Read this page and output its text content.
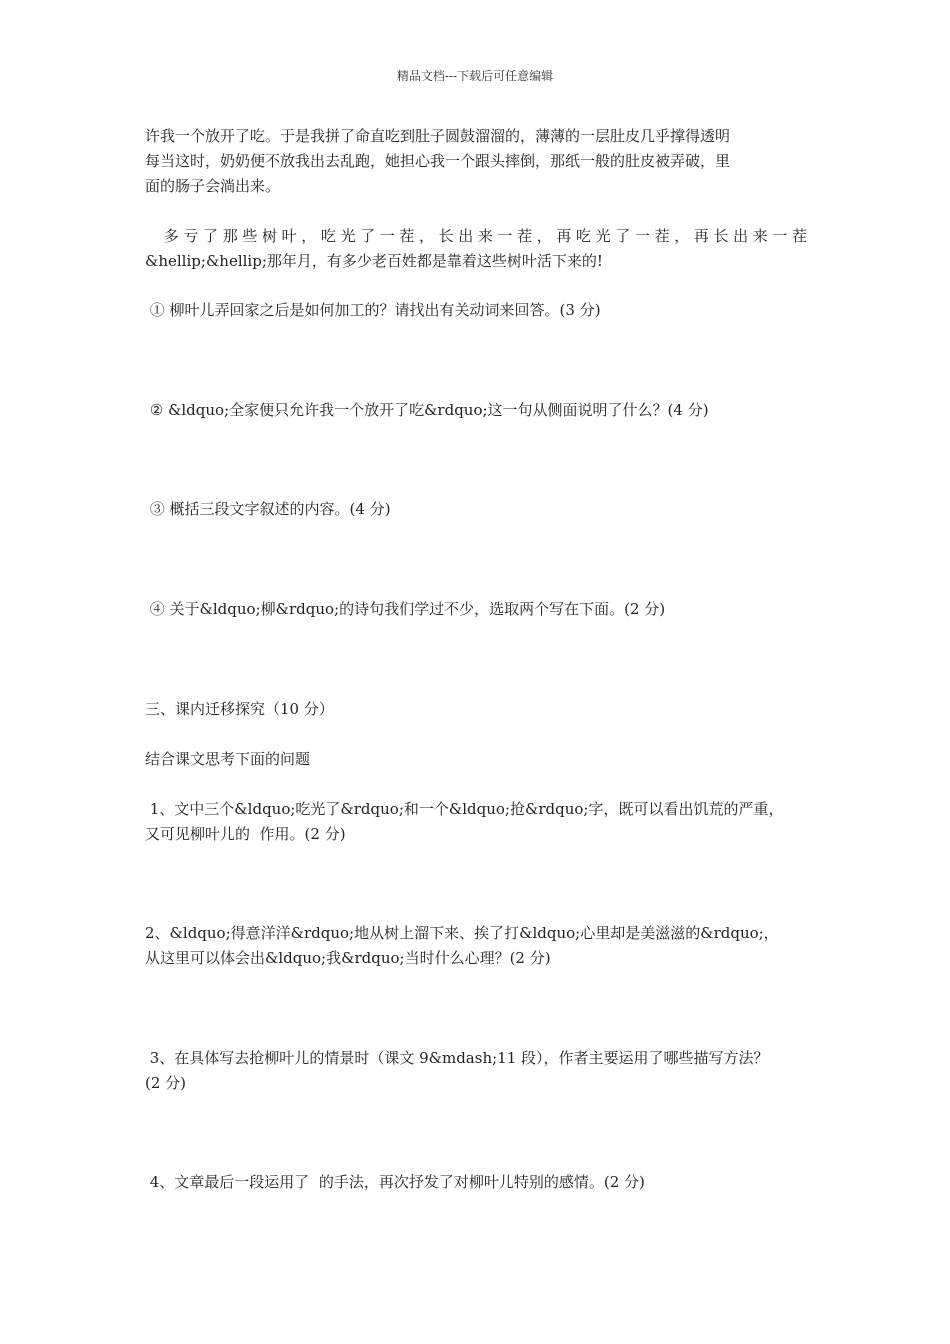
精品文档---下载后可任意编辑
许我一个放开了吃。于是我拼了命直吃到肚子圆鼓溜溜的，薄薄的一层肚皮几乎撑得透明
每当这时，奶奶便不放我出去乱跑，她担心我一个跟头摔倒，那纸一般的肚皮被弄破，里
面的肠子会淌出来。
多亏了那些树叶，吃光了一茬，长出来一茬，再吃光了一茬，再长出来一茬
&hellip;&hellip;那年月，有多少老百姓都是靠着这些树叶活下来的!
① 柳叶儿弄回家之后是如何加工的？请找出有关动词来回答。(3 分)
② &ldquo;全家便只允许我一个放开了吃&rdquo;这一句从侧面说明了什么？(4 分)
③ 概括三段文字叙述的内容。(4 分)
④ 关于&ldquo;柳&rdquo;的诗句我们学过不少，选取两个写在下面。(2 分)
三、课内迁移探究（10 分）
结合课文思考下面的问题
1、文中三个&ldquo;吃光了&rdquo;和一个&ldquo;抢&rdquo;字，既可以看出饥荒的严重，
又可见柳叶儿的  作用。(2 分)
2、&ldquo;得意洋洋&rdquo;地从树上溜下来、挨了打&ldquo;心里却是美滋滋的&rdquo;，
从这里可以体会出&ldquo;我&rdquo;当时什么心理？(2 分)
3、在具体写去抢柳叶儿的情景时（课文 9&mdash;11 段），作者主要运用了哪些描写方法？
(2 分)
4、文章最后一段运用了  的手法，再次抒发了对柳叶儿特别的感情。(2 分)
